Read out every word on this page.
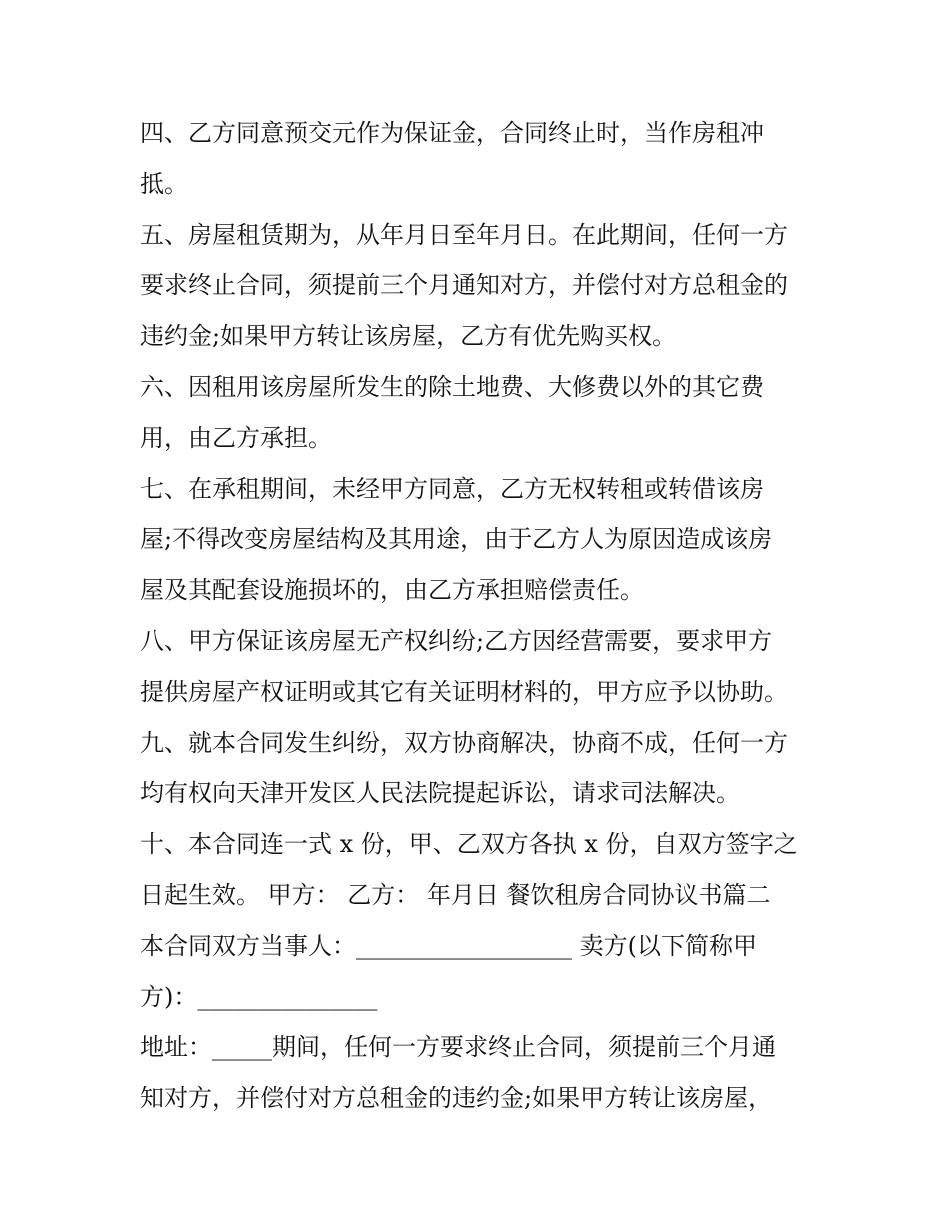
四、乙方同意预交元作为保证金，合同终止时，当作房租冲
抵。
五、房屋租赁期为，从年月日至年月日。在此期间，任何一方
要求终止合同，须提前三个月通知对方，并偿付对方总租金的
违约金;如果甲方转让该房屋，乙方有优先购买权。
六、因租用该房屋所发生的除土地费、大修费以外的其它费
用，由乙方承担。
七、在承租期间，未经甲方同意，乙方无权转租或转借该房
屋;不得改变房屋结构及其用途，由于乙方人为原因造成该房
屋及其配套设施损坏的，由乙方承担赔偿责任。
八、甲方保证该房屋无产权纠纷;乙方因经营需要，要求甲方
提供房屋产权证明或其它有关证明材料的，甲方应予以协助。
九、就本合同发生纠纷，双方协商解决，协商不成，任何一方
均有权向天津开发区人民法院提起诉讼，请求司法解决。
十、本合同连一式 x 份，甲、乙双方各执 x 份，自双方签字之
日起生效。 甲方： 乙方： 年月日 餐饮租房合同协议书篇二
本合同双方当事人：__________________ 卖方(以下简称甲
方)：_______________
地址：_____期间，任何一方要求终止合同，须提前三个月通
知对方，并偿付对方总租金的违约金;如果甲方转让该房屋，
